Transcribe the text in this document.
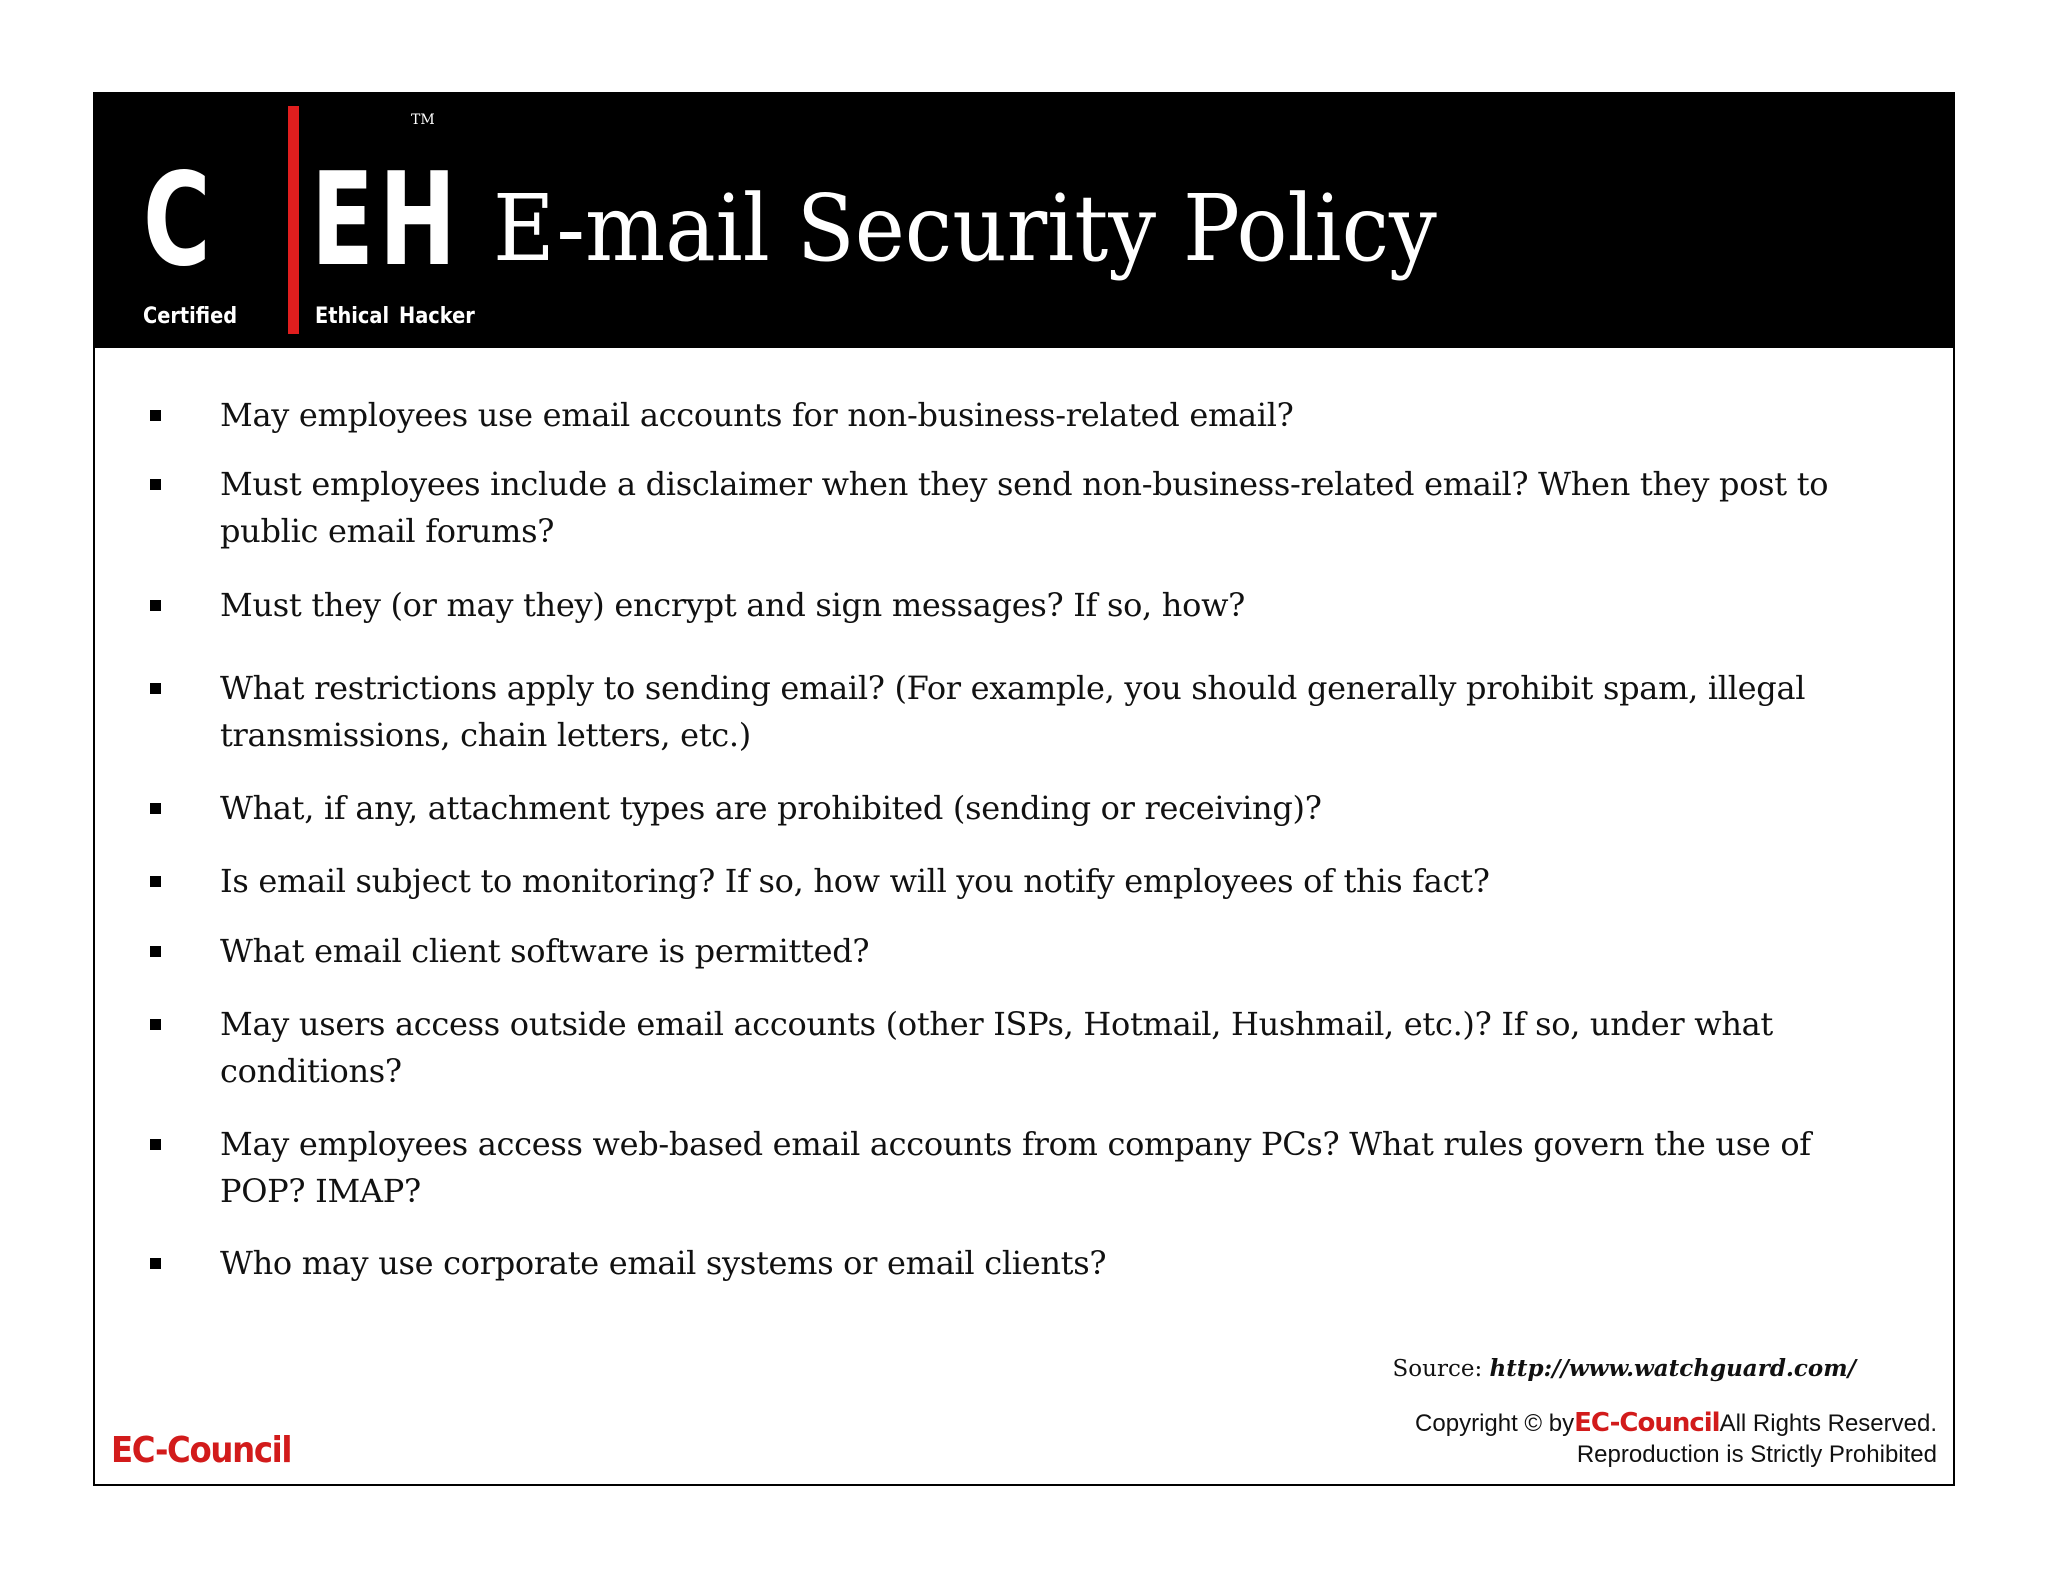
C E H
Certified	Ethical Hacker
TM
E-mail Security Policy
May employees use email accounts for non-business-related email?
Must employees include a disclaimer when they send non-business-related email? When they post to public email forums?
Must they (or may they) encrypt and sign messages? If so, how?
What restrictions apply to sending email? (For example, you should generally prohibit spam, illegal transmissions, chain letters, etc.)
What, if any, attachment types are prohibited (sending or receiving)?
Is email subject to monitoring? If so, how will you notify employees of this fact?
What email client software is permitted?
May users access outside email accounts (other ISPs, Hotmail, Hushmail, etc.)? If so, under what conditions?
May employees access web-based email accounts from company PCs? What rules govern the use of POP? IMAP?
Who may use corporate email systems or email clients?
Source: http://www.watchguard.com/
Copyright © byEC-CouncilAll Rights Reserved.
Reproduction is Strictly Prohibited
EC-Council
